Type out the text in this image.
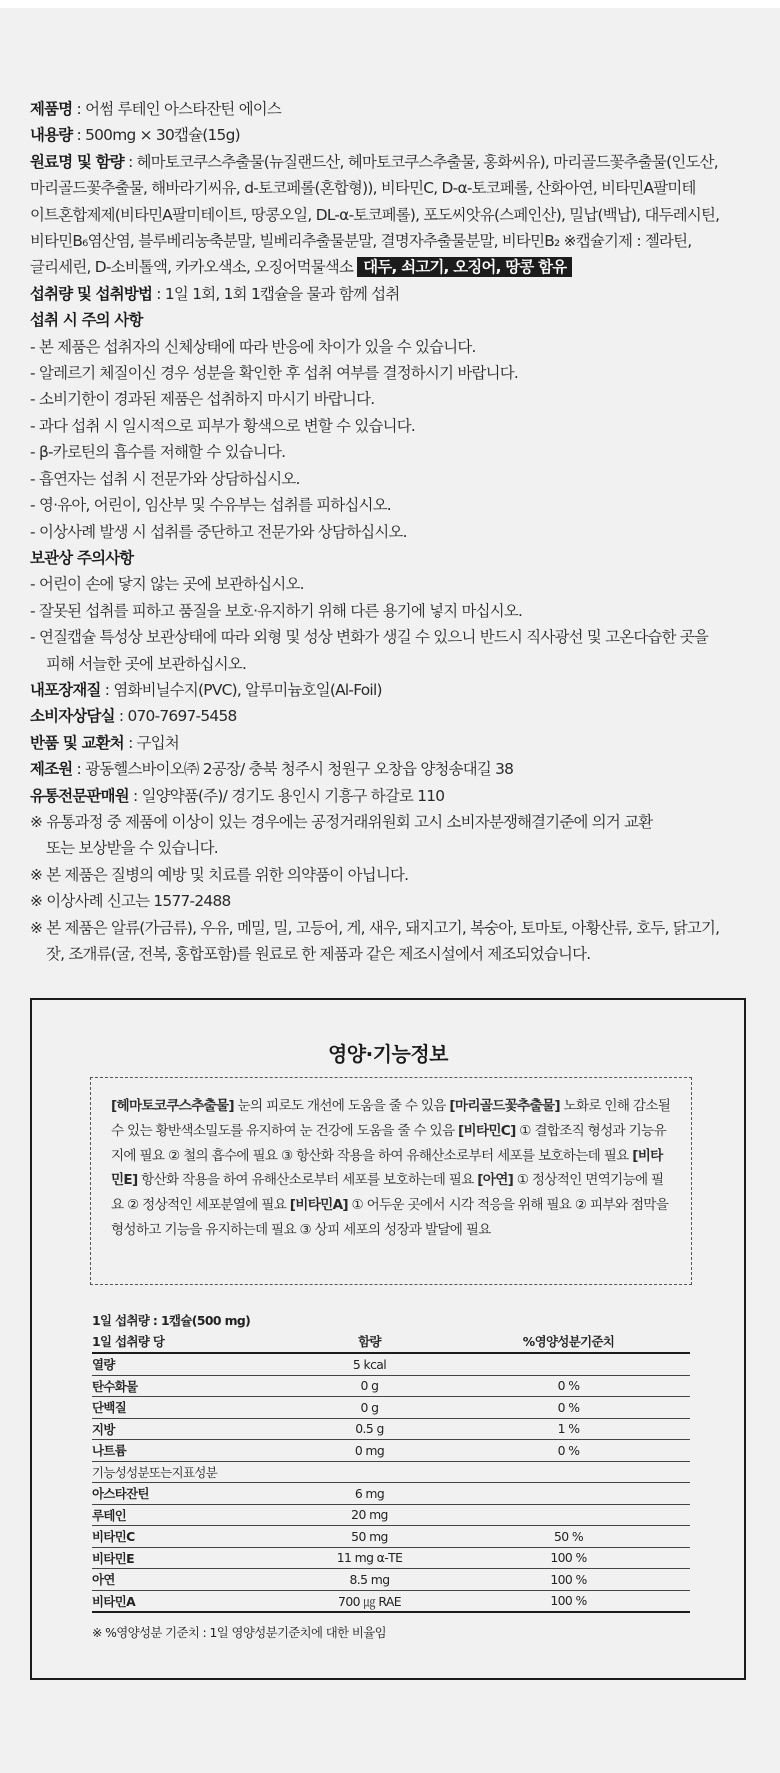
제품명 : 어썸 루테인 아스타잔틴 에이스

내용량 : 500mg × 30캡슐(15g)

원료명 및 함량 : 헤마토코쿠스추출물(뉴질랜드산, 헤마토코쿠스추출물, 홍화씨유), 마리골드꽃추출물(인도산,

마리골드꽃추출물, 해바라기씨유, d-토코페롤(혼합형)), 비타민C, D-α-토코페롤, 산화아연, 비타민A팔미테

이트혼합제제(비타민A팔미테이트, 땅콩오일, DL-α-토코페롤), 포도씨앗유(스페인산), 밀납(백납), 대두레시틴,

비타민B₆염산염, 블루베리농축분말, 빌베리추출물분말, 결명자추출물분말, 비타민B₂ ※캡슐기제 : 젤라틴,

글리세린, D-소비톨액, 카카오색소, 오징어먹물색소 대두, 쇠고기, 오징어, 땅콩 함유

섭취량 및 섭취방법 : 1일 1회, 1회 1캡슐을 물과 함께 섭취

섭취 시 주의 사항

- 본 제품은 섭취자의 신체상태에 따라 반응에 차이가 있을 수 있습니다.

- 알레르기 체질이신 경우 성분을 확인한 후 섭취 여부를 결정하시기 바랍니다.

- 소비기한이 경과된 제품은 섭취하지 마시기 바랍니다.

- 과다 섭취 시 일시적으로 피부가 황색으로 변할 수 있습니다.

- β-카로틴의 흡수를 저해할 수 있습니다.

- 흡연자는 섭취 시 전문가와 상담하십시오.

- 영·유아, 어린이, 임산부 및 수유부는 섭취를 피하십시오.

- 이상사례 발생 시 섭취를 중단하고 전문가와 상담하십시오.

보관상 주의사항

- 어린이 손에 닿지 않는 곳에 보관하십시오.

- 잘못된 섭취를 피하고 품질을 보호·유지하기 위해 다른 용기에 넣지 마십시오.

- 연질캡슐 특성상 보관상태에 따라 외형 및 성상 변화가 생길 수 있으니 반드시 직사광선 및 고온다습한 곳을

피해 서늘한 곳에 보관하십시오.

내포장재질 : 염화비닐수지(PVC), 알루미늄호일(Al-Foil)

소비자상담실 : 070-7697-5458

반품 및 교환처 : 구입처

제조원 : 광동헬스바이오㈜ 2공장/ 충북 청주시 청원구 오창읍 양청송대길 38

유통전문판매원 : 일양약품(주)/ 경기도 용인시 기흥구 하갈로 110

※ 유통과정 중 제품에 이상이 있는 경우에는 공정거래위원회 고시 소비자분쟁해결기준에 의거 교환

또는 보상받을 수 있습니다.

※ 본 제품은 질병의 예방 및 치료를 위한 의약품이 아닙니다.

※ 이상사례 신고는 1577-2488

※ 본 제품은 알류(가금류), 우유, 메밀, 밀, 고등어, 게, 새우, 돼지고기, 복숭아, 토마토, 아황산류, 호두, 닭고기,

잣, 조개류(굴, 전복, 홍합포함)를 원료로 한 제품과 같은 제조시설에서 제조되었습니다.

영양·기능정보
[헤마토코쿠스추출물] 눈의 피로도 개선에 도움을 줄 수 있음 [마리골드꽃추출물] 노화로 인해 감소될 수 있는 황반색소밀도를 유지하여 눈 건강에 도움을 줄 수 있음 [비타민C] ① 결합조직 형성과 기능유지에 필요 ② 철의 흡수에 필요 ③ 항산화 작용을 하여 유해산소로부터 세포를 보호하는데 필요 [비타민E] 항산화 작용을 하여 유해산소로부터 세포를 보호하는데 필요 [아연] ① 정상적인 면역기능에 필요 ② 정상적인 세포분열에 필요 [비타민A] ① 어두운 곳에서 시각 적응을 위해 필요 ② 피부와 점막을 형성하고 기능을 유지하는데 필요 ③ 상피 세포의 성장과 발달에 필요
1일 섭취량 : 1캡슐(500 mg)
1일 섭취량 당	함량	%영양성분기준치
열량	5 kcal	
탄수화물	0 g	0 %
단백질	0 g	0 %
지방	0.5 g	1 %
나트륨	0 mg	0 %
기능성성분또는지표성분		
아스타잔틴	6 mg	
루테인	20 mg	
비타민C	50 mg	50 %
비타민E	11 mg α-TE	100 %
아연	8.5 mg	100 %
비타민A	700 ㎍ RAE	100 %
※ %영양성분 기준치 : 1일 영양성분기준치에 대한 비율임
